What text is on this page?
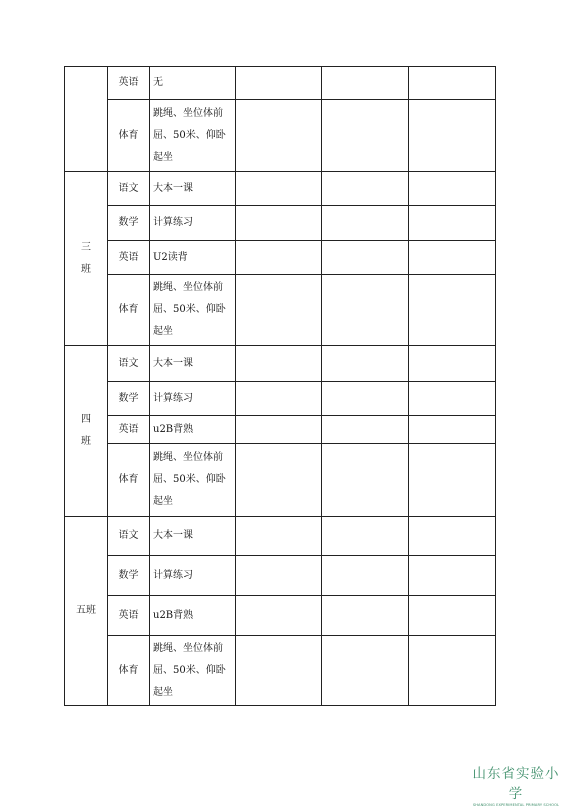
	英语	无			
	体育	跳绳、坐位体前屈、50米、仰卧起坐			
三班	语文	大本一课			
	数学	计算练习			
	英语	U2读背			
	体育	跳绳、坐位体前屈、50米、仰卧起坐			
四班	语文	大本一课			
	数学	计算练习			
	英语	u2B背熟			
	体育	跳绳、坐位体前屈、50米、仰卧起坐			
五班	语文	大本一课			
	数学	计算练习			
	英语	u2B背熟			
	体育	跳绳、坐位体前屈、50米、仰卧起坐			
山东省实验小学
SHANDONG EXPERIMENTAL PRIMARY SCHOOL
